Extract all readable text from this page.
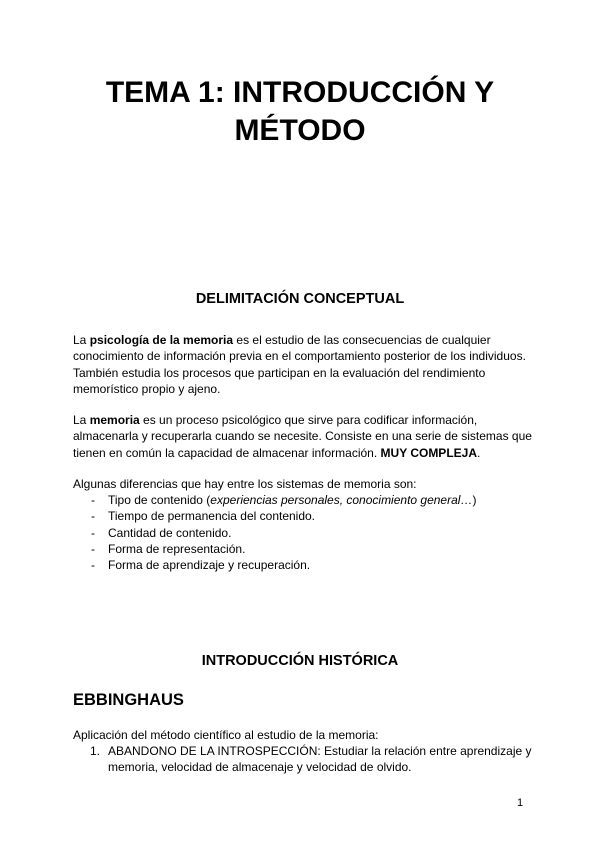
TEMA 1: INTRODUCCIÓN Y
MÉTODO
DELIMITACIÓN CONCEPTUAL

La psicología de la memoria es el estudio de las consecuencias de cualquier conocimiento de información previa en el comportamiento posterior de los individuos. También estudia los procesos que participan en la evaluación del rendimiento memorístico propio y ajeno.

La memoria es un proceso psicológico que sirve para codificar información, almacenarla y recuperarla cuando se necesite. Consiste en una serie de sistemas que tienen en común la capacidad de almacenar información. MUY COMPLEJA.

Algunas diferencias que hay entre los sistemas de memoria son:

- Tipo de contenido (experiencias personales, conocimiento general…)
- Tiempo de permanencia del contenido.
- Cantidad de contenido.
- Forma de representación.
- Forma de aprendizaje y recuperación.
INTRODUCCIÓN HISTÓRICA
EBBINGHAUS

Aplicación del método científico al estudio de la memoria:

1. ABANDONO DE LA INTROSPECCIÓN: Estudiar la relación entre aprendizaje y memoria, velocidad de almacenaje y velocidad de olvido.
1
